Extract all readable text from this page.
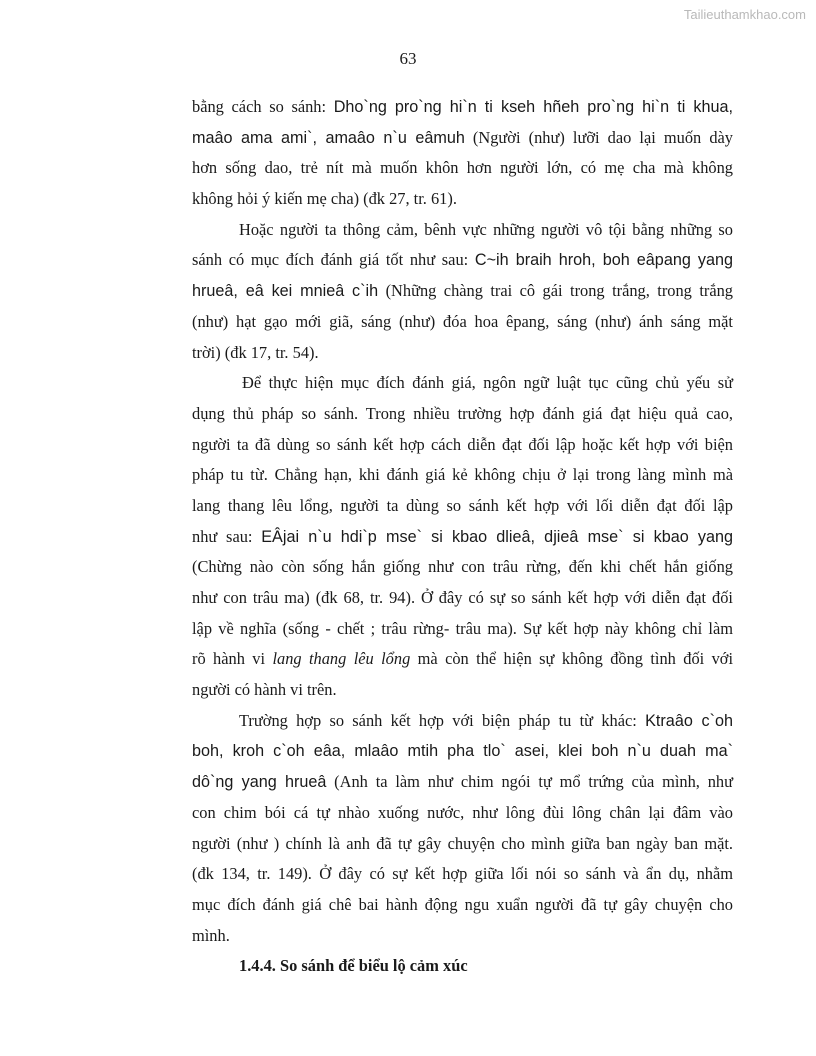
Tailieuthamkhao.com
63
bằng cách so sánh: Dho`ng pro`ng hi`n ti kseh hñeh pro`ng hi`n ti khua,
maâo ama ami`, amaâo n`u eâmuh (Người (như) lưỡi dao lại muốn dày
hơn sống dao, trẻ nít mà muốn khôn hơn người lớn, có mẹ cha mà không
không hỏi ý kiến mẹ cha) (đk 27, tr. 61).
Hoặc người ta thông cảm, bênh vực những người vô tội bằng những so
sánh có mục đích đánh giá tốt như sau: C~ih braih hroh, boh eâpang yang
hrueâ, eâ kei mnieâ c`ih (Những chàng trai cô gái trong trắng, trong trắng
(như) hạt gạo mới giã, sáng (như) đóa hoa êpang, sáng (như) ánh sáng mặt
trời) (đk 17, tr. 54).
Để thực hiện mục đích đánh giá, ngôn ngữ luật tục cũng chủ yếu sử
dụng thủ pháp so sánh. Trong nhiều trường hợp đánh giá đạt hiệu quả cao,
người ta đã dùng so sánh kết hợp cách diễn đạt đối lập hoặc kết hợp với biện
pháp tu từ. Chẳng hạn, khi đánh giá kẻ không chịu ở lại trong làng mình mà
lang thang lêu lổng, người ta dùng so sánh kết hợp với lối diễn đạt đối lập
như sau: EÂjai n`u hdi`p mse` si kbao dlieâ, djieâ mse` si kbao yang
(Chừng nào còn sống hắn giống như con trâu rừng, đến khi chết hắn giống
như con trâu ma) (đk 68, tr. 94). Ở đây có sự so sánh kết hợp với diễn đạt đối
lập về nghĩa (sống - chết ; trâu rừng- trâu ma). Sự kết hợp này không chỉ làm
rõ hành vi lang thang lêu lổng mà còn thể hiện sự không đồng tình đối với
người có hành vi trên.
Trường hợp so sánh kết hợp với biện pháp tu từ khác: Ktraâo c`oh
boh, kroh c`oh eâa, mlaâo mtih pha tlo` asei, klei boh n`u duah ma`
dô`ng yang hrueâ (Anh ta làm như chim ngói tự mổ trứng của mình, như
con chim bói cá tự nhào xuống nước, như lông đùi lông chân lại đâm vào
người (như ) chính là anh đã tự gây chuyện cho mình giữa ban ngày ban mặt.
(đk 134, tr. 149). Ở đây có sự kết hợp giữa lối nói so sánh và ẩn dụ, nhằm
mục đích đánh giá chê bai hành động ngu xuẩn người đã tự gây chuyện cho
mình.
1.4.4. So sánh để biểu lộ cảm xúc
